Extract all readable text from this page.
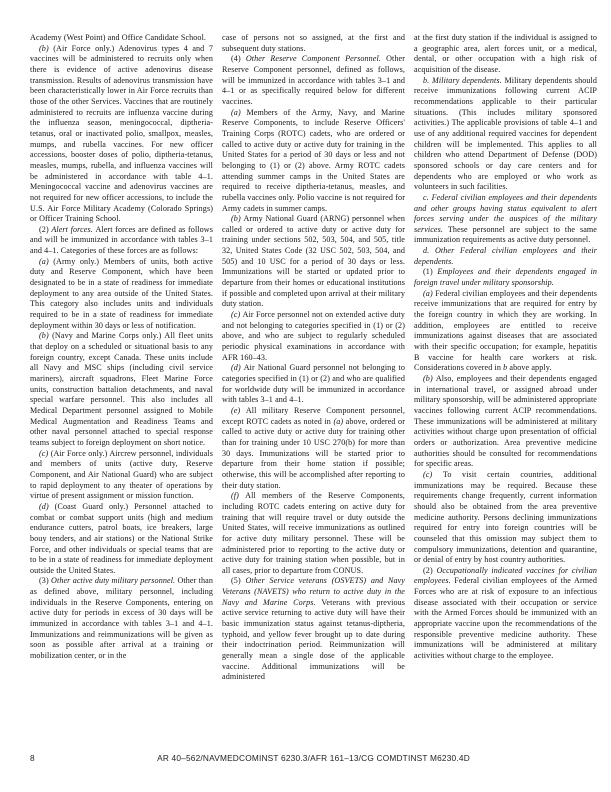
Academy (West Point) and Office Candidate School.

(b) (Air Force only.) Adenovirus types 4 and 7 vaccines will be administered to recruits only when there is evidence of active adenovirus disease transmission. Results of adenovirus transmission have been characteristically lower in Air Force recruits than those of the other Services. Vaccines that are routinely administered to recruits are influenza vaccine during the influenza season, meningococcal, diptheria-tetanus, oral or inactivated polio, smallpox, measles, mumps, and rubella vaccines. For new officer accessions, booster doses of polio, diptheria-tetanus, measles, mumps, rubella, and influenza vaccines will be administered in accordance with table 4–1. Meningococcal vaccine and adenovirus vaccines are not required for new officer accessions, to include the U.S. Air Force Military Academy (Colorado Springs) or Officer Training School.

(2) Alert forces. Alert forces are defined as follows and will be immunized in accordance with tables 3–1 and 4–1. Categories of these forces are as follows:

(a) (Army only.) Members of units, both active duty and Reserve Component, which have been designated to be in a state of readiness for immediate deployment to any area outside of the United States. This category also includes units and individuals required to be in a state of readiness for immediate deployment within 30 days or less of notification.

(b) (Navy and Marine Corps only.) All fleet units that deploy on a scheduled or situational basis to any foreign country, except Canada. These units include all Navy and MSC ships (including civil service mariners), aircraft squadrons, Fleet Marine Force units, construction battalion detachments, and naval special warfare personnel. This also includes all Medical Department personnel assigned to Mobile Medical Augmentation and Readiness Teams and other naval personnel attached to special response teams subject to foreign deployment on short notice.

(c) (Air Force only.) Aircrew personnel, individuals and members of units (active duty, Reserve Component, and Air National Guard) who are subject to rapid deployment to any theater of operations by virtue of present assignment or mission function.

(d) (Coast Guard only.) Personnel attached to combat or combat support units (high and medium endurance cutters, patrol boats, ice breakers, large bouy tenders, and air stations) or the National Strike Force, and other individuals or special teams that are to be in a state of readiness for immediate deployment outside the United States.

(3) Other active duty military personnel. Other than as defined above, military personnel, including individuals in the Reserve Components, entering on active duty for periods in excess of 30 days will be immunized in accordance with tables 3–1 and 4–1. Immunizations and reimmunizations will be given as soon as possible after arrival at a training or mobilization center, or in the

case of persons not so assigned, at the first and subsequent duty stations.

(4) Other Reserve Component Personnel. Other Reserve Component personnel, defined as follows, will be immunized in accordance with tables 3–1 and 4–1 or as specifically required below for different vaccines.

(a) Members of the Army, Navy, and Marine Reserve Components, to include Reserve Officers' Training Corps (ROTC) cadets, who are ordered or called to active duty or active duty for training in the United States for a period of 30 days or less and not belonging to (1) or (2) above. Army ROTC cadets attending summer camps in the United States are required to receive diptheria-tetanus, measles, and rubella vaccines only. Polio vaccine is not required for Army cadets in summer camps.

(b) Army National Guard (ARNG) personnel when called or ordered to active duty or active duty for training under sections 502, 503, 504, and 505, title 32, United States Code (32 USC 502, 503, 504, and 505) and 10 USC for a period of 30 days or less. Immunizations will be started or updated prior to departure from their homes or educational institutions if possible and completed upon arrival at their military duty station.

(c) Air Force personnel not on extended active duty and not belonging to categories specified in (1) or (2) above, and who are subject to regularly scheduled periodic physical examinations in accordance with AFR 160–43.

(d) Air National Guard personnel not belonging to categories specified in (1) or (2) and who are qualified for worldwide duty will be immunized in accordance with tables 3–1 and 4–1.

(e) All military Reserve Component personnel, except ROTC cadets as noted in (a) above, ordered or called to active duty or active duty for training other than for training under 10 USC 270(b) for more than 30 days. Immunizations will be started prior to departure from their home station if possible; otherwise, this will be accomplished after reporting to their duty station.

(f) All members of the Reserve Components, including ROTC cadets entering on active duty for training that will require travel or duty outside the United States, will receive immunizations as outlined for active duty military personnel. These will be administered prior to reporting to the active duty or active duty for training station when possible, but in all cases, prior to departure from CONUS.

(5) Other Service veterans (OSVETS) and Navy Veterans (NAVETS) who return to active duty in the Navy and Marine Corps. Veterans with previous active service returning to active duty will have their basic immunization status against tetanus-diptheria, typhoid, and yellow fever brought up to date during their indoctrination period. Reimmunization will generally mean a single dose of the applicable vaccine. Additional immunizations will be administered

at the first duty station if the individual is assigned to a geographic area, alert forces unit, or a medical, dental, or other occupation with a high risk of acquisition of the disease.

b. Military dependents. Military dependents should receive immunizations following current ACIP recommendations applicable to their particular situations. (This includes military sponsored activities.) The applicable provisions of table 4–1 and use of any additional required vaccines for dependent children will be implemented. This applies to all children who attend Department of Defense (DOD) sponsored schools or day care centers and for dependents who are employed or who work as volunteers in such facilities.

c. Federal civilian employees and their dependents and other groups having status equivalent to alert forces serving under the auspices of the military services. These personnel are subject to the same immunization requirements as active duty personnel.

d. Other Federal civilian employees and their dependents.

(1) Employees and their dependents engaged in foreign travel under military sponsorship.

(a) Federal civilian employees and their dependents receive immunizations that are required for entry by the foreign country in which they are working. In addition, employees are entitled to receive immunizations against diseases that are associated with their specific occupation; for example, hepatitis B vaccine for health care workers at risk. Considerations covered in b above apply.

(b) Also, employees and their dependents engaged in international travel, or assigned abroad under military sponsorship, will be administered appropriate vaccines following current ACIP recommendations. These immunizations will be administered at military activities without charge upon presentation of official orders or authorization. Area preventive medicine authorities should be consulted for recommendations for specific areas.

(c) To visit certain countries, additional immunizations may be required. Because these requirements change frequently, current information should also be obtained from the area preventive medicine authority. Persons declining immunizations required for entry into foreign countries will be counseled that this omission may subject them to compulsory immunizations, detention and quarantine, or denial of entry by host country authorities.

(2) Occupationally indicated vaccines for civilian employees. Federal civilian employees of the Armed Forces who are at risk of exposure to an infectious disease associated with their occupation or service with the Armed Forces should be immunized with an appropriate vaccine upon the recommendations of the responsible preventive medicine authority. These immunizations will be administered at military activities without charge to the employee.

8	AR 40–562/NAVMEDCOMINST 6230.3/AFR 161–13/CG COMDTINST M6230.4D
